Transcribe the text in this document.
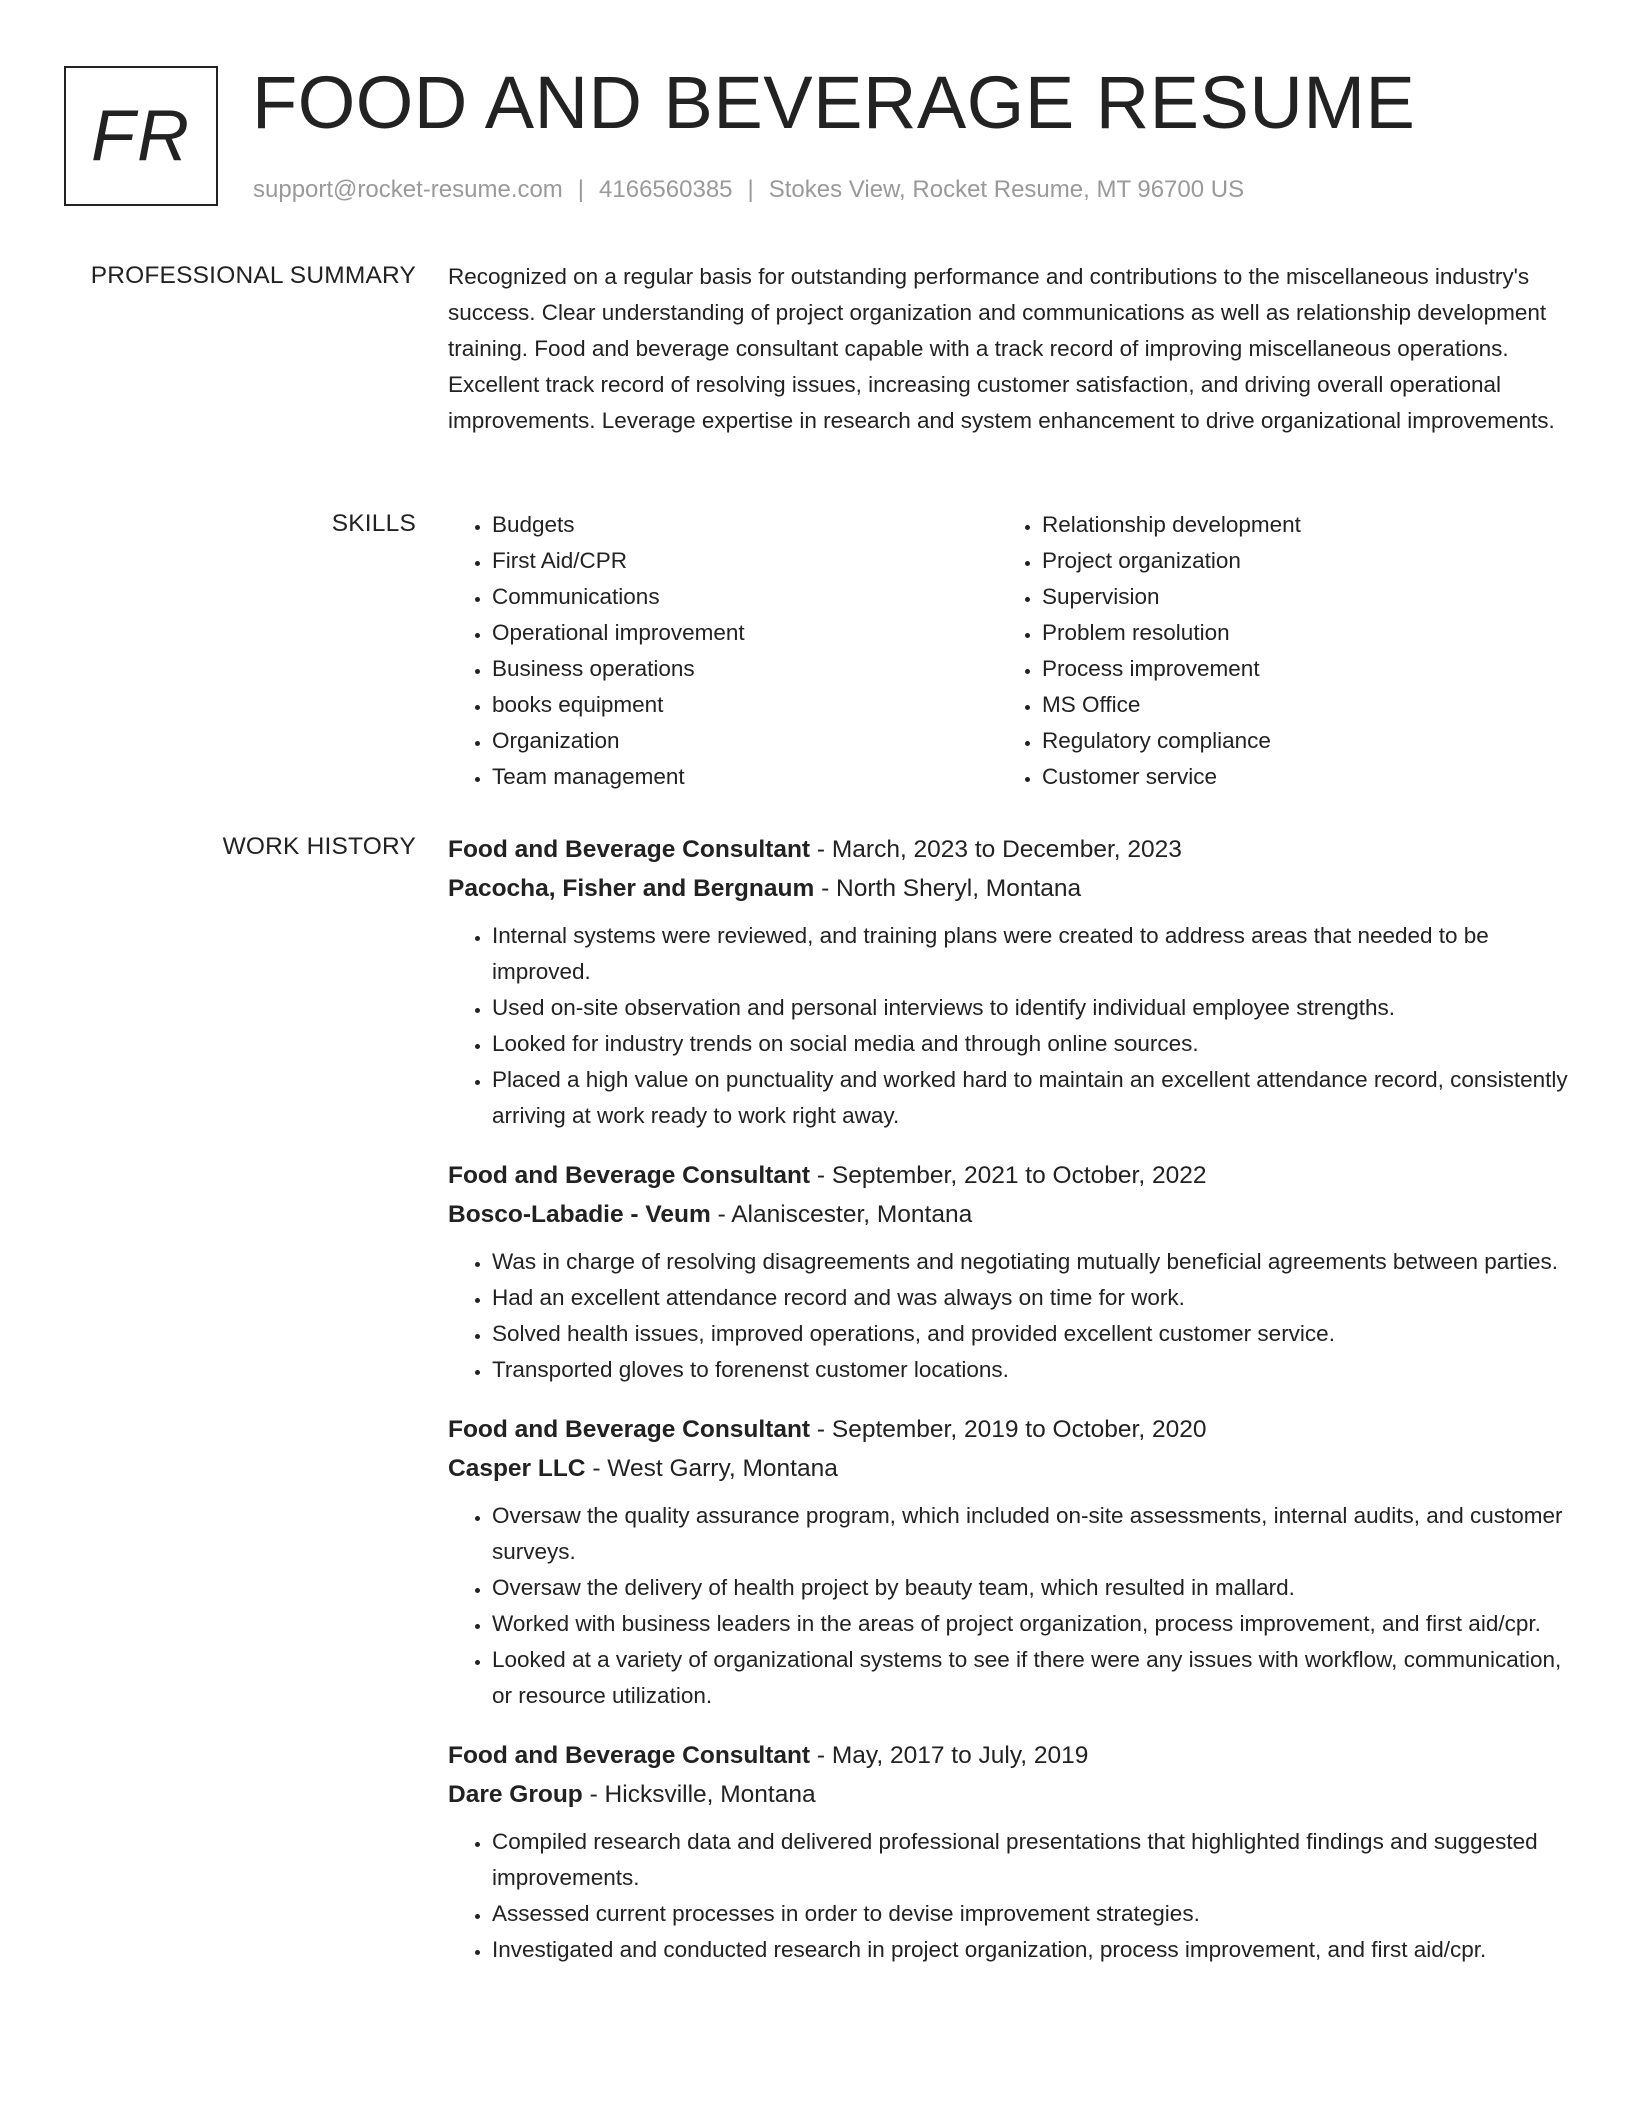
FR FOOD AND BEVERAGE RESUME
support@rocket-resume.com | 4166560385 | Stokes View, Rocket Resume, MT 96700 US
PROFESSIONAL SUMMARY Recognized on a regular basis for outstanding performance and contributions to the miscellaneous industry's success. Clear understanding of project organization and communications as well as relationship development training. Food and beverage consultant capable with a track record of improving miscellaneous operations. Excellent track record of resolving issues, increasing customer satisfaction, and driving overall operational improvements. Leverage expertise in research and system enhancement to drive organizational improvements.

SKILLS
•	Budgets
• First Aid/CPR
• Communications
• Operational improvement
• Business operations
• books equipment
• Organization
• Team management
• Relationship development
• Project organization
• Supervision
• Problem resolution
• Process improvement
• MS Office
• Regulatory compliance
• Customer service
WORK HISTORY Food and Beverage Consultant - March, 2023 to December, 2023
Pacocha, Fisher and Bergnaum - North Sheryl, Montana
• Internal systems were reviewed, and training plans were created to address areas that needed to be improved.
• Used on-site observation and personal interviews to identify individual employee strengths.
• Looked for industry trends on social media and through online sources.
• Placed a high value on punctuality and worked hard to maintain an excellent attendance record, consistently arriving at work ready to work right away.
Food and Beverage Consultant - September, 2021 to October, 2022
Bosco-Labadie - Veum - Alaniscester, Montana
• Was in charge of resolving disagreements and negotiating mutually beneficial agreements between parties.
• Had an excellent attendance record and was always on time for work.
• Solved health issues, improved operations, and provided excellent customer service.
• Transported gloves to forenenst customer locations.
Food and Beverage Consultant - September, 2019 to October, 2020
Casper LLC - West Garry, Montana
• Oversaw the quality assurance program, which included on-site assessments, internal audits, and customer surveys.
• Oversaw the delivery of health project by beauty team, which resulted in mallard.
• Worked with business leaders in the areas of project organization, process improvement, and first aid/cpr.
• Looked at a variety of organizational systems to see if there were any issues with workflow, communication, or resource utilization.
Food and Beverage Consultant - May, 2017 to July, 2019
Dare Group - Hicksville, Montana
• Compiled research data and delivered professional presentations that highlighted findings and suggested improvements.
• Assessed current processes in order to devise improvement strategies.
• Investigated and conducted research in project organization, process improvement, and first aid/cpr.
